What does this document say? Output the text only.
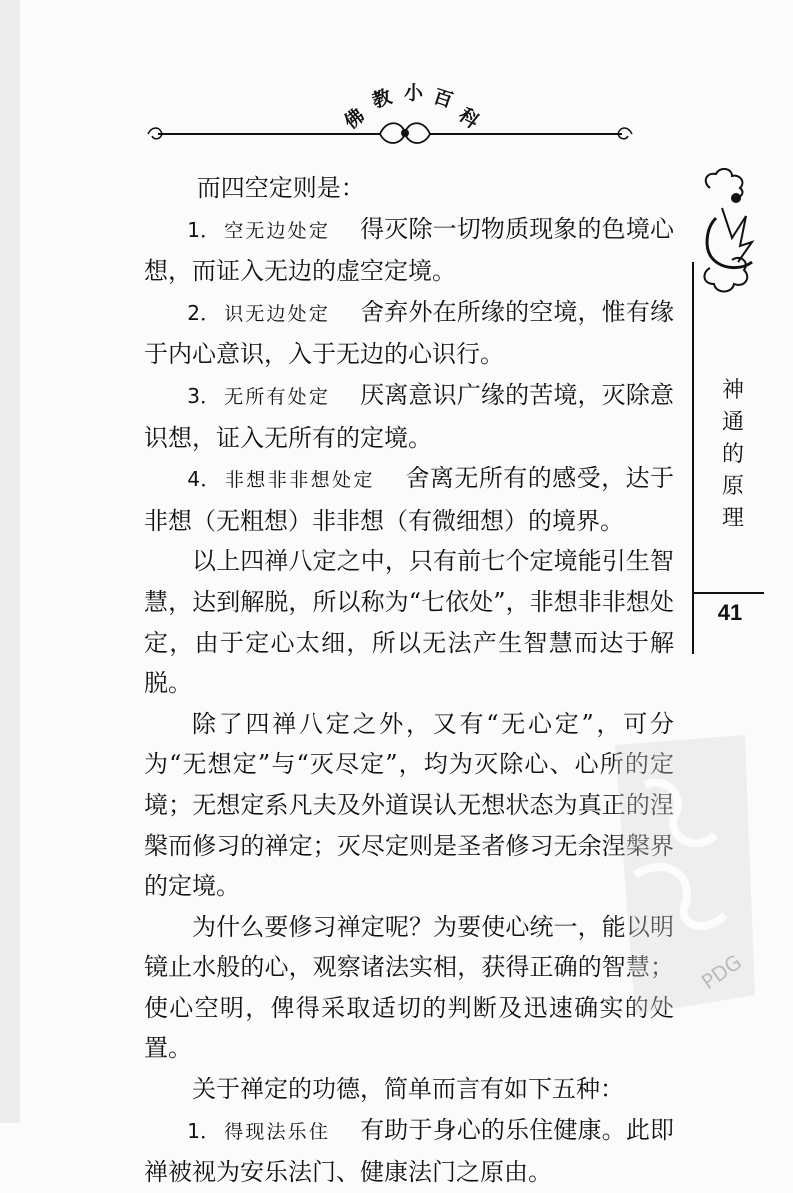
佛
教 小 百
科

而四空定则是：

1． 空无边处定 得灭除一切物质现象的色境心想，而证入无边的虚空定境。

2． 识无边处定 舍弃外在所缘的空境，惟有缘于内心意识，入于无边的心识行。

3． 无所有处定 厌离意识广缘的苦境，灭除意识想，证入无所有的定境。

4． 非想非非想处定 舍离无所有的感受，达于非想（无粗想）非非想（有微细想）的境界。

以上四禅八定之中，只有前七个定境能引生智慧，达到解脱，所以称为“七依处”，非想非非想处定，由于定心太细，所以无法产生智慧而达于解脱。

除了四禅八定之外，又有“无心定”，可分为“无想定”与“灭尽定”，均为灭除心、心所的定境；无想定系凡夫及外道误认无想状态为真正的涅槃而修习的禅定；灭尽定则是圣者修习无余涅槃界的定境。

为什么要修习禅定呢？为要使心统一，能以明镜止水般的心，观察诸法实相，获得正确的智慧；使心空明，俾得采取适切的判断及迅速确实的处置。

关于禅定的功德，简单而言有如下五种：

1． 得现法乐住 有助于身心的乐住健康。此即禅被视为安乐法门、健康法门之原由。

神
通
的
原
理
41
PDG
